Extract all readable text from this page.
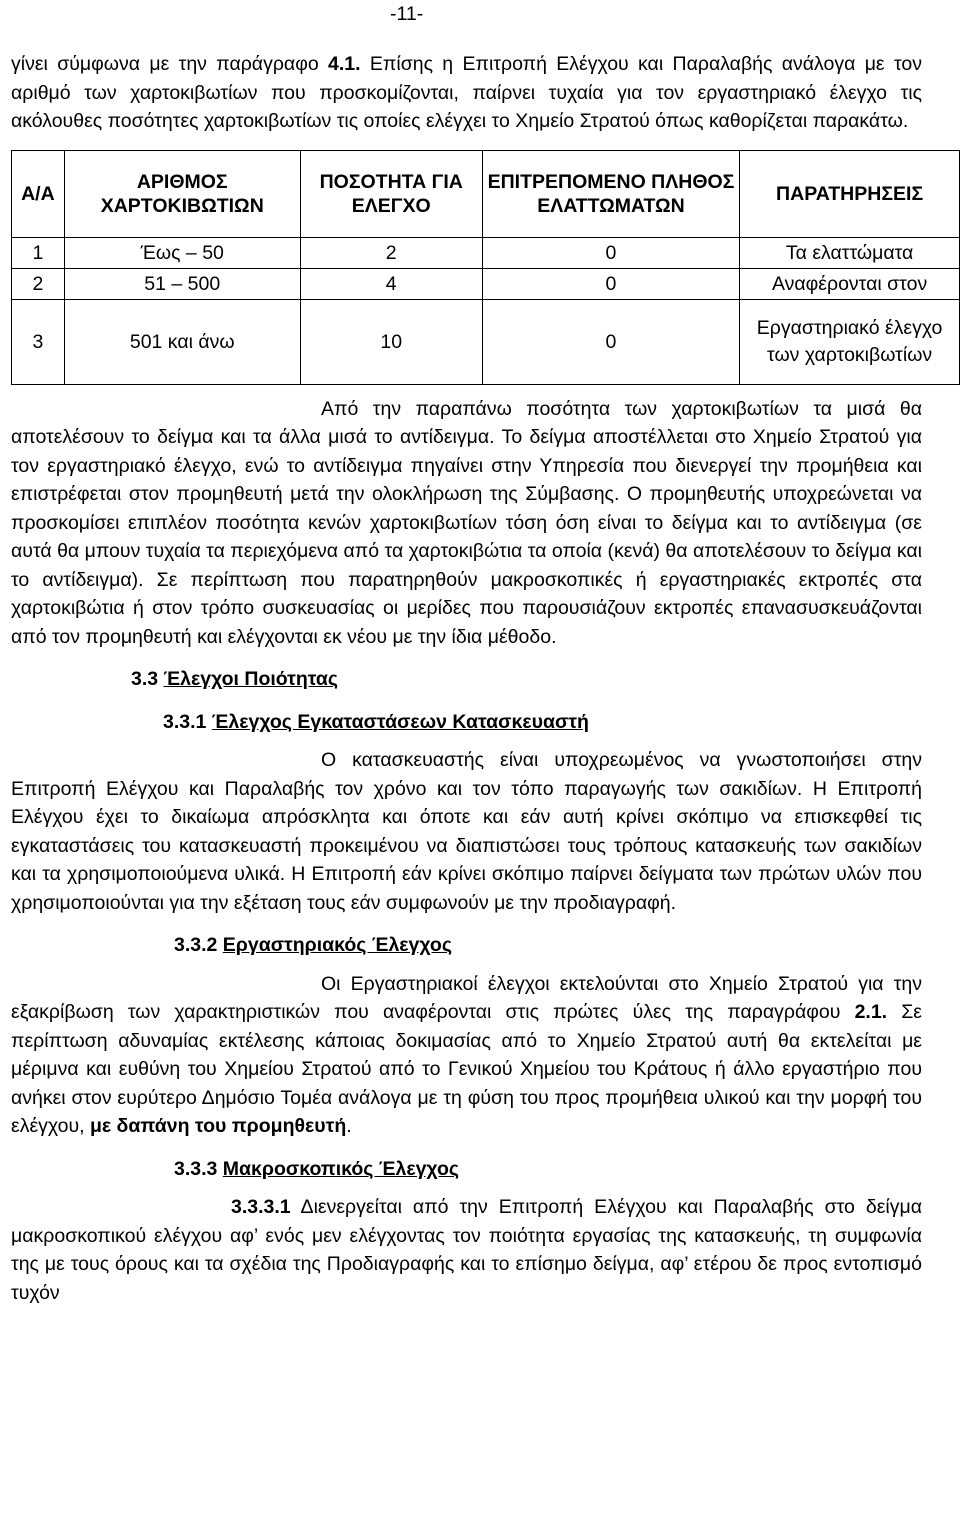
-11-

γίνει σύμφωνα με την παράγραφο 4.1. Επίσης η Επιτροπή Ελέγχου και Παραλαβής ανάλογα με τον αριθμό των χαρτοκιβωτίων που προσκομίζονται, παίρνει τυχαία για τον εργαστηριακό έλεγχο τις ακόλουθες ποσότητες χαρτοκιβωτίων τις οποίες ελέγχει το Χημείο Στρατού όπως καθορίζεται παρακάτω.

Α/Α	ΑΡΙΘΜΟΣ ΧΑΡΤΟΚΙΒΩΤΙΩΝ	ΠΟΣΟΤΗΤΑ ΓΙΑ ΕΛΕΓΧΟ	ΕΠΙΤΡΕΠΟΜΕΝΟ ΠΛΗΘΟΣ ΕΛΑΤΤΩΜΑΤΩΝ	ΠΑΡΑΤΗΡΗΣΕΙΣ
1	Έως – 50	2	0	Τα ελαττώματα
2	51 – 500	4	0	Αναφέρονται στον
3	501 και άνω	10	0	Εργαστηριακό έλεγχο των χαρτοκιβωτίων

Από την παραπάνω ποσότητα των χαρτοκιβωτίων τα μισά θα αποτελέσουν το δείγμα και τα άλλα μισά το αντίδειγμα. Το δείγμα αποστέλλεται στο Χημείο Στρατού για τον εργαστηριακό έλεγχο, ενώ το αντίδειγμα πηγαίνει στην Υπηρεσία που διενεργεί την προμήθεια και επιστρέφεται στον προμηθευτή μετά την ολοκλήρωση της Σύμβασης. Ο προμηθευτής υποχρεώνεται να προσκομίσει επιπλέον ποσότητα κενών χαρτοκιβωτίων τόση όση είναι το δείγμα και το αντίδειγμα (σε αυτά θα μπουν τυχαία τα περιεχόμενα από τα χαρτοκιβώτια τα οποία (κενά) θα αποτελέσουν το δείγμα και το αντίδειγμα). Σε περίπτωση που παρατηρηθούν μακροσκοπικές ή εργαστηριακές εκτροπές στα χαρτοκιβώτια ή στον τρόπο συσκευασίας οι μερίδες που παρουσιάζουν εκτροπές επανασυσκευάζονται από τον προμηθευτή και ελέγχονται εκ νέου με την ίδια μέθοδο.

3.3 Έλεγχοι Ποιότητας
3.3.1 Έλεγχος Εγκαταστάσεων Κατασκευαστή

Ο κατασκευαστής είναι υποχρεωμένος να γνωστοποιήσει στην Επιτροπή Ελέγχου και Παραλαβής τον χρόνο και τον τόπο παραγωγής των σακιδίων. Η Επιτροπή Ελέγχου έχει το δικαίωμα απρόσκλητα και όποτε και εάν αυτή κρίνει σκόπιμο να επισκεφθεί τις εγκαταστάσεις του κατασκευαστή προκειμένου να διαπιστώσει τους τρόπους κατασκευής των σακιδίων και τα χρησιμοποιούμενα υλικά. Η Επιτροπή εάν κρίνει σκόπιμο παίρνει δείγματα των πρώτων υλών που χρησιμοποιούνται για την εξέταση τους εάν συμφωνούν με την προδιαγραφή.

3.3.2 Εργαστηριακός Έλεγχος

Οι Εργαστηριακοί έλεγχοι εκτελούνται στο Χημείο Στρατού για την εξακρίβωση των χαρακτηριστικών που αναφέρονται στις πρώτες ύλες της παραγράφου 2.1. Σε περίπτωση αδυναμίας εκτέλεσης κάποιας δοκιμασίας από το Χημείο Στρατού αυτή θα εκτελείται με μέριμνα και ευθύνη του Χημείου Στρατού από το Γενικού Χημείου του Κράτους ή άλλο εργαστήριο που ανήκει στον ευρύτερο Δημόσιο Τομέα ανάλογα με τη φύση του προς προμήθεια υλικού και την μορφή του ελέγχου, με δαπάνη του προμηθευτή.

3.3.3 Μακροσκοπικός Έλεγχος

3.3.3.1 Διενεργείται από την Επιτροπή Ελέγχου και Παραλαβής στο δείγμα μακροσκοπικού ελέγχου αφ’ ενός μεν ελέγχοντας τον ποιότητα εργασίας της κατασκευής, τη συμφωνία της με τους όρους και τα σχέδια της Προδιαγραφής και το επίσημο δείγμα, αφ’ ετέρου δε προς εντοπισμό τυχόν
